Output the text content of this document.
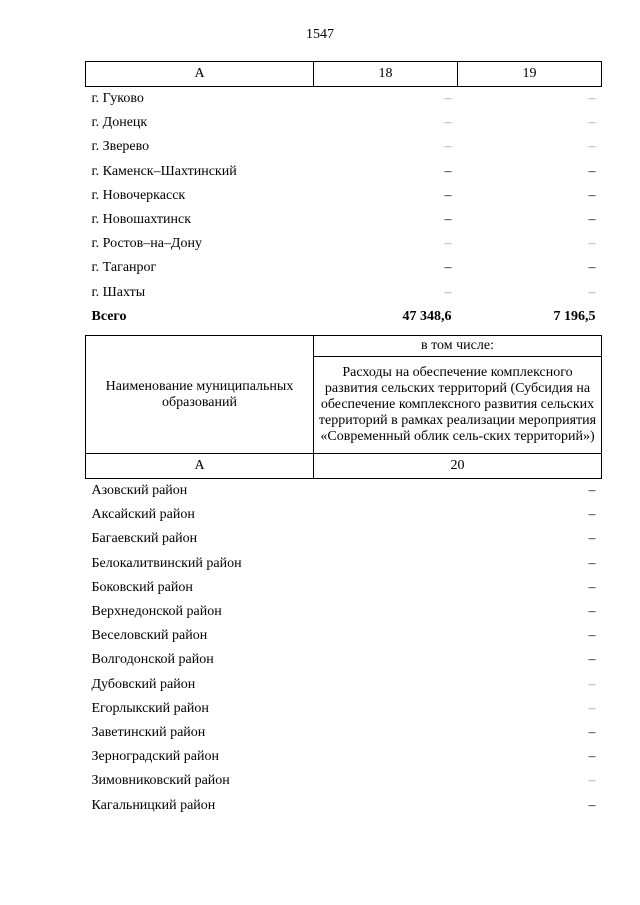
1547
А	18	19
г. Гуково	–	–
г. Донецк	–	–
г. Зверево	–	–
г. Каменск–Шахтинский	–	–
г. Новочеркасск	–	–
г. Новошахтинск	–	–
г. Ростов–на–Дону	–	–
г. Таганрог	–	–
г. Шахты	–	–
Всего	47 348,6	7 196,5
Наименование муниципальных образований	в том числе:
	Расходы на обеспечение комплексного развития сельских территорий (Субсидия на обеспечение комплексного развития сельских территорий в рамках реализации мероприятия «Современный облик сель-ских территорий»)
А	20
Азовский район	–
Аксайский район	–
Багаевский район	–
Белокалитвинский район	–
Боковский район	–
Верхнедонской район	–
Веселовский район	–
Волгодонской район	–
Дубовский район	–
Егорлыкский район	–
Заветинский район	–
Зерноградский район	–
Зимовниковский район	–
Кагальницкий район	–
